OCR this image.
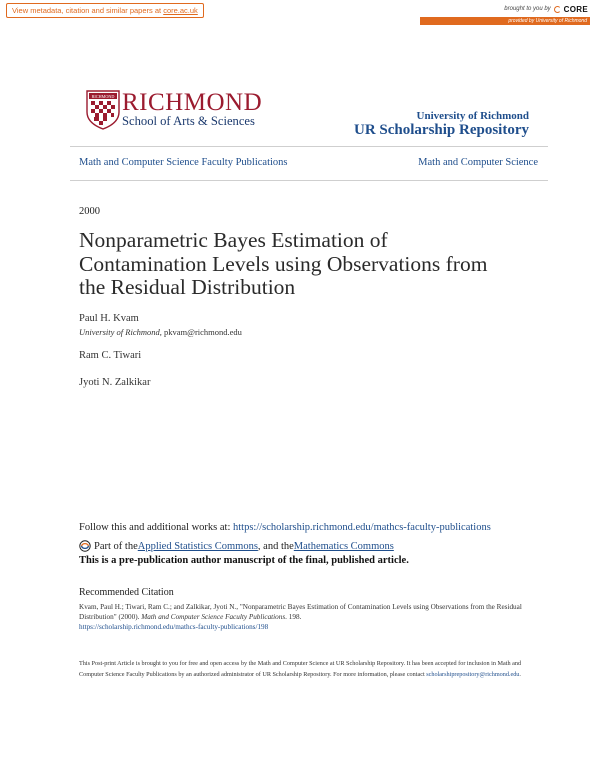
View metadata, citation and similar papers at core.ac.uk	brought to you by CORE
provided by University of Richmond
RICHMOND RICHMOND
School of Arts & Sciences	University of Richmond
UR Scholarship Repository
Math and Computer Science Faculty Publications	Math and Computer Science
2000
Nonparametric Bayes Estimation of Contamination Levels using Observations from the Residual Distribution
Paul H. Kvam
University of Richmond, pkvam@richmond.edu
Ram C. Tiwari
Jyoti N. Zalkikar
Follow this and additional works at: https://scholarship.richmond.edu/mathcs-faculty-publications
Part of the Applied Statistics Commons , and the Mathematics Commons
This is a pre-publication author manuscript of the final, published article.
Recommended Citation
Kvam, Paul H.; Tiwari, Ram C.; and Zalkikar, Jyoti N., "Nonparametric Bayes Estimation of Contamination Levels using Observations from the Residual Distribution" (2000). Math and Computer Science Faculty Publications. 198.
https://scholarship.richmond.edu/mathcs-faculty-publications/198
This Post-print Article is brought to you for free and open access by the Math and Computer Science at UR Scholarship Repository. It has been accepted for inclusion in Math and Computer Science Faculty Publications by an authorized administrator of UR Scholarship Repository. For more information, please contact scholarshiprepository@richmond.edu.
